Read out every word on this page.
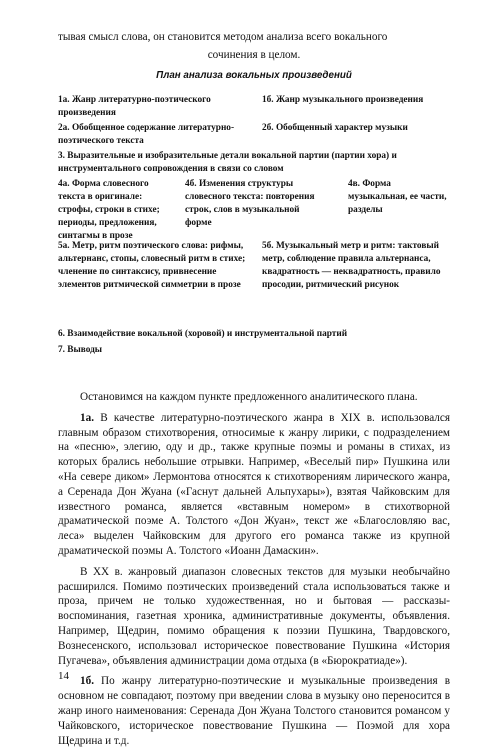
тывая смысл слова, он становится методом анализа всего вокального
сочинения в целом.
План анализа вокальных произведений
1а. Жанр литературно-поэтического произведения
1б. Жанр музыкального произведения
2а. Обобщенное содержание литературно-поэтического текста
2б. Обобщенный характер музыки
3. Выразительные и изобразительные детали вокальной партии (партии хора) и инструментального сопровождения в связи со словом
4а. Форма словесного текста в оригинале: строфы, строки в стихе; периоды, предложения, синтагмы в прозе
4б. Изменения структуры словесного текста: повторения строк, слов в музыкальной форме
4в. Форма музыкальная, ее части, разделы
5а. Метр, ритм поэтического слова: рифмы, альтернанс, стопы, словесный ритм в стихе; членение по синтаксису, привнесение элементов ритмической симметрии в прозе
5б. Музыкальный метр и ритм: тактовый метр, соблюдение правила альтернанса, квадратность — неквадратность, правило просодии, ритмический рисунок
6. Взаимодействие вокальной (хоровой) и инструментальной партий
7. Выводы

Остановимся на каждом пункте предложенного аналитического плана.

1а. В качестве литературно-поэтического жанра в XIX в. использовался главным образом стихотворения, относимые к жанру лирики, с подразделением на «песню», элегию, оду и др., также крупные поэмы и романы в стихах, из которых брались небольшие отрывки. Например, «Веселый пир» Пушкина или «На севере диком» Лермонтова относятся к стихотворениям лирического жанра, а Серенада Дон Жуана («Гаснут дальней Альпухары»), взятая Чайковским для известного романса, является «вставным номером» в стихотворной драматической поэме А. Толстого «Дон Жуан», текст же «Благословляю вас, леса» выделен Чайковским для другого его романса также из крупной драматической поэмы А. Толстого «Иоанн Дамаскин».

В XX в. жанровый диапазон словесных текстов для музыки необычайно расширился. Помимо поэтических произведений стала использоваться также и проза, причем не только художественная, но и бытовая — рассказы-воспоминания, газетная хроника, административные документы, объявления. Например, Щедрин, помимо обращения к поэзии Пушкина, Твардовского, Вознесенского, использовал историческое повествование Пушкина «История Пугачева», объявления администрации дома отдыха (в «Бюрократиаде»).

1б. По жанру литературно-поэтические и музыкальные произведения в основном не совпадают, поэтому при введении слова в музыку оно переносится в жанр иного наименования: Серенада Дон Жуана Толстого становится романсом у Чайковского, историческое повествование Пушкина — Поэмой для хора Щедрина и т.д.

14
